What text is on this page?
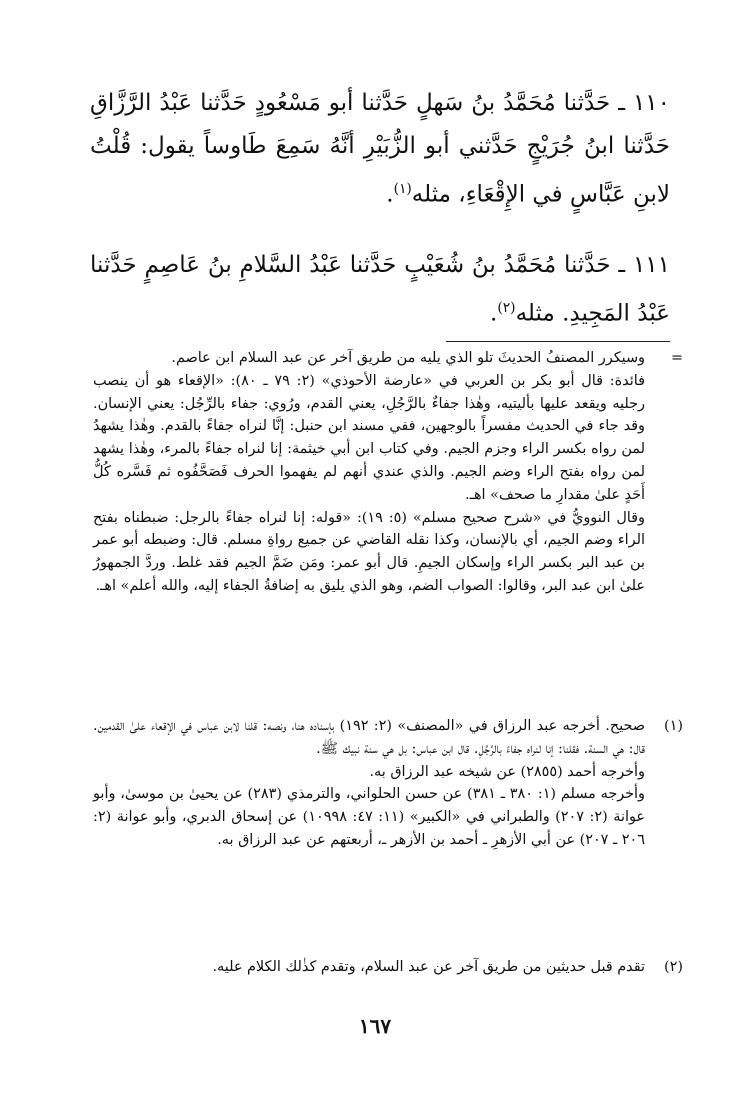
١١٠ ـ حَدَّثنا مُحَمَّدُ بنُ سَهلٍ حَدَّثنا أبو مَسْعُودٍ حَدَّثنا عَبْدُ الرَّزَّاقِ حَدَّثنا ابنُ جُرَيْجٍ حَدَّثني أبو الزُّبَيْرِ أنَّهُ سَمِعَ طَاوساً يقول: قُلْتُ لابنِ عَبَّاسٍ في الإِقْعَاءِ، مثله$^{(١)}$.

١١١ ـ حَدَّثنا مُحَمَّدُ بنُ شُعَيْبٍ حَدَّثنا عَبْدُ السَّلامِ بنُ عَاصِمٍ حَدَّثنا عَبْدُ المَجِيدِ. مثله$^{(٢)}$.

=

وسيكرر المصنفُ الحديثَ تلو الذي يليه من طريق آخر عن عبد السلام ابن عاصم.

فائدة: قال أبو بكر بن العربي في «عارضة الأحوذي» (٢: ٧٩ ـ ٨٠): «الإقعاء هو أن ينصب رجليه ويقعد عليها بأليتيه، وهٰذا جفاءٌ بالرَّجُلِ، يعني القدم، ورُوي: جفاء بالرِّجُل: يعني الإنسان. وقد جاء في الحديث مفسراً بالوجهين، ففي مسند ابن حنبل: إنَّا لنراه جفاءً بالقدم. وهٰذا يشهدُ لمن رواه بكسر الراء وجزم الجيم. وفي كتاب ابن أبي خيثمة: إنا لنراه جفاءً بالمرء، وهٰذا يشهد لمن رواه بفتح الراء وضم الجيم. والذي عندي أنهم لم يفهموا الحرف فَصَحَّفُوه ثم فَسَّره كُلُّ أَحَدٍ علىٰ مقدارِ ما صحف» اهـ.

وقال النوويُّ في «شرح صحيح مسلم» (٥: ١٩): «قوله: إنا لنراه جفاءً بالرجل: ضبطناه بفتح الراء وضم الجيم، أي بالإنسان، وكذا نقله القاضي عن جميع رواةِ مسلم. قال: وضبطه أبو عمر بن عبد البر بكسر الراء وإسكان الجيمِ. قال أبو عمر: ومَن ضَمَّ الجيم فقد غلط. وردَّ الجمهورُ علىٰ ابن عبد البر، وقالوا: الصواب الضم، وهو الذي يليق به إضافةُ الجفاء إليه، والله أعلم» اهـ.

(١)

صحيح. أخرجه عبد الرزاق في «المصنف» (٢: ١٩٢) بإسناده هنا، ونصه: قلنا لابن عباس في الإقعاء علىٰ القدمين. قال: هي السنة. فقلنا: إنا لنراه جفاءً بالرَّجُلِ. قال ابن عباس: بل هي سنة نبيك ﷺ.

وأخرجه أحمد (٢٨٥٥) عن شيخه عبد الرزاق به.

وأخرجه مسلم (١: ٣٨٠ ـ ٣٨١) عن حسن الحلواني، والترمذي (٢٨٣) عن يحيىٰ بن موسىٰ، وأبو عوانة (٢: ٢٠٧) والطبراني في «الكبير» (١١: ٤٧: ١٠٩٩٨) عن إسحاق الدبري، وأبو عوانة (٢: ٢٠٦ ـ ٢٠٧) عن أبي الأزهرِ ـ أحمد بن الأزهر ـ، أربعتهم عن عبد الرزاق به.

(٢)

تقدم قبل حديثين من طريق آخر عن عبد السلام، وتقدم كذٰلك الكلام عليه.

١٦٧
